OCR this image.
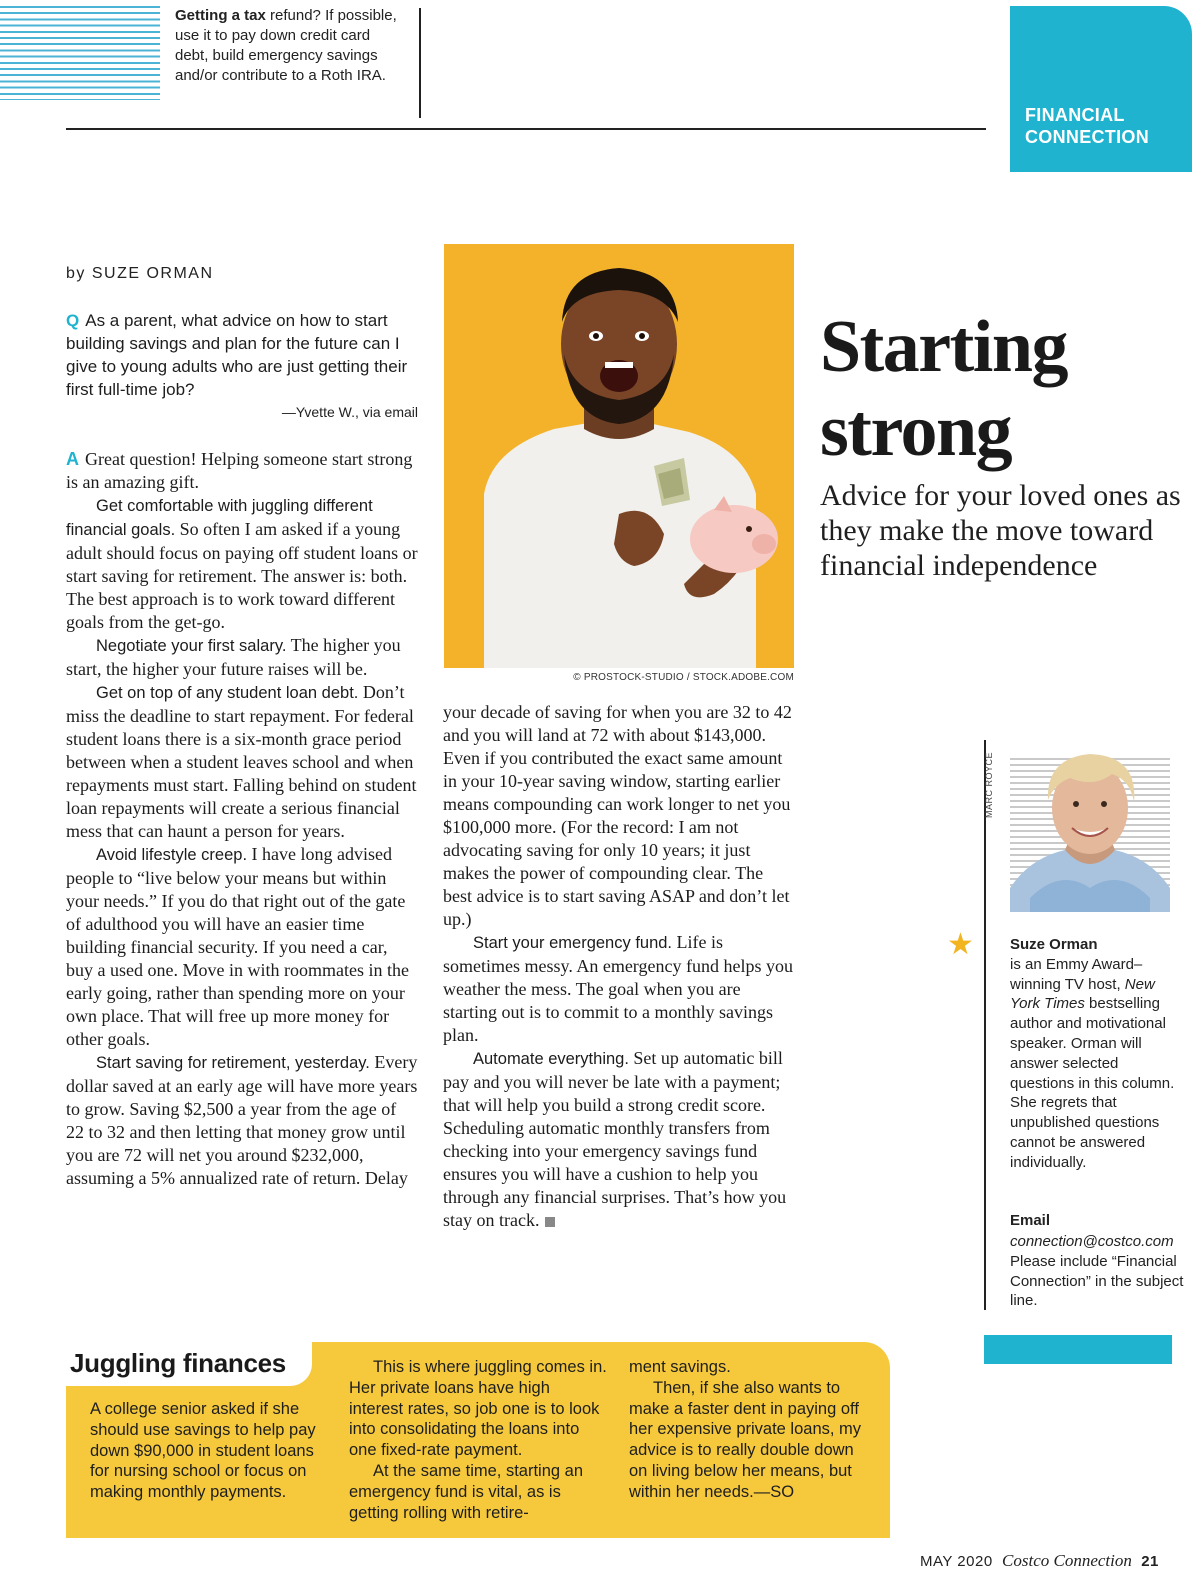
Getting a tax refund? If possible, use it to pay down credit card debt, build emergency savings and/or contribute to a Roth IRA.
FINANCIAL
CONNECTION
by SUZE ORMAN
Q As a parent, what advice on how to start building savings and plan for the future can I give to young adults who are just getting their first full-time job?
—Yvette W., via email

A Great question! Helping someone start strong is an amazing gift.

Get comfortable with juggling different financial goals. So often I am asked if a young adult should focus on paying off student loans or start saving for retirement. The answer is: both. The best approach is to work toward different goals from the get-go.

Negotiate your first salary. The higher you start, the higher your future raises will be.

Get on top of any student loan debt. Don’t miss the deadline to start repayment. For federal student loans there is a six-month grace period between when a student leaves school and when repayments must start. Falling behind on student loan repayments will create a serious financial mess that can haunt a person for years.

Avoid lifestyle creep. I have long advised people to “live below your means but within your needs.” If you do that right out of the gate of adulthood you will have an easier time building financial security. If you need a car, buy a used one. Move in with roommates in the early going, rather than spending more on your own place. That will free up more money for other goals.

Start saving for retirement, yesterday. Every dollar saved at an early age will have more years to grow. Saving $2,500 a year from the age of 22 to 32 and then letting that money grow until you are 72 will net you around $232,000, assuming a 5% annualized rate of return. Delay

© PROSTOCK-STUDIO / STOCK.ADOBE.COM

your decade of saving for when you are 32 to 42 and you will land at 72 with about $143,000. Even if you contributed the exact same amount in your 10-year saving window, starting earlier means compounding can work longer to net you $100,000 more. (For the record: I am not advocating saving for only 10 years; it just makes the power of compounding clear. The best advice is to start saving ASAP and don’t let up.)

Start your emergency fund. Life is sometimes messy. An emergency fund helps you weather the mess. The goal when you are starting out is to commit to a monthly savings plan.

Automate everything. Set up automatic bill pay and you will never be late with a payment; that will help you build a strong credit score. Scheduling automatic monthly transfers from checking into your emergency savings fund ensures you will have a cushion to help you through any financial surprises. That’s how you stay on track.

Starting
strong
Advice for your loved ones as they make the move toward financial independence
MARC ROYCE
★ Suze Orman
is an Emmy Award–winning TV host, New York Times bestselling author and motivational speaker. Orman will answer selected questions in this column. She regrets that unpublished questions cannot be answered individually.
Email
connection@costco.com
Please include “Financial Connection” in the subject line.
Juggling finances

A college senior asked if she should use savings to help pay down $90,000 in student loans for nursing school or focus on making monthly payments.

This is where juggling comes in. Her private loans have high interest rates, so job one is to look into consolidating the loans into one fixed-rate payment.

At the same time, starting an emergency fund is vital, as is getting rolling with retire-

ment savings.

Then, if she also wants to make a faster dent in paying off her expensive private loans, my advice is to really double down on living below her means, but within her needs.—SO

MAY 2020 Costco Connection 21
